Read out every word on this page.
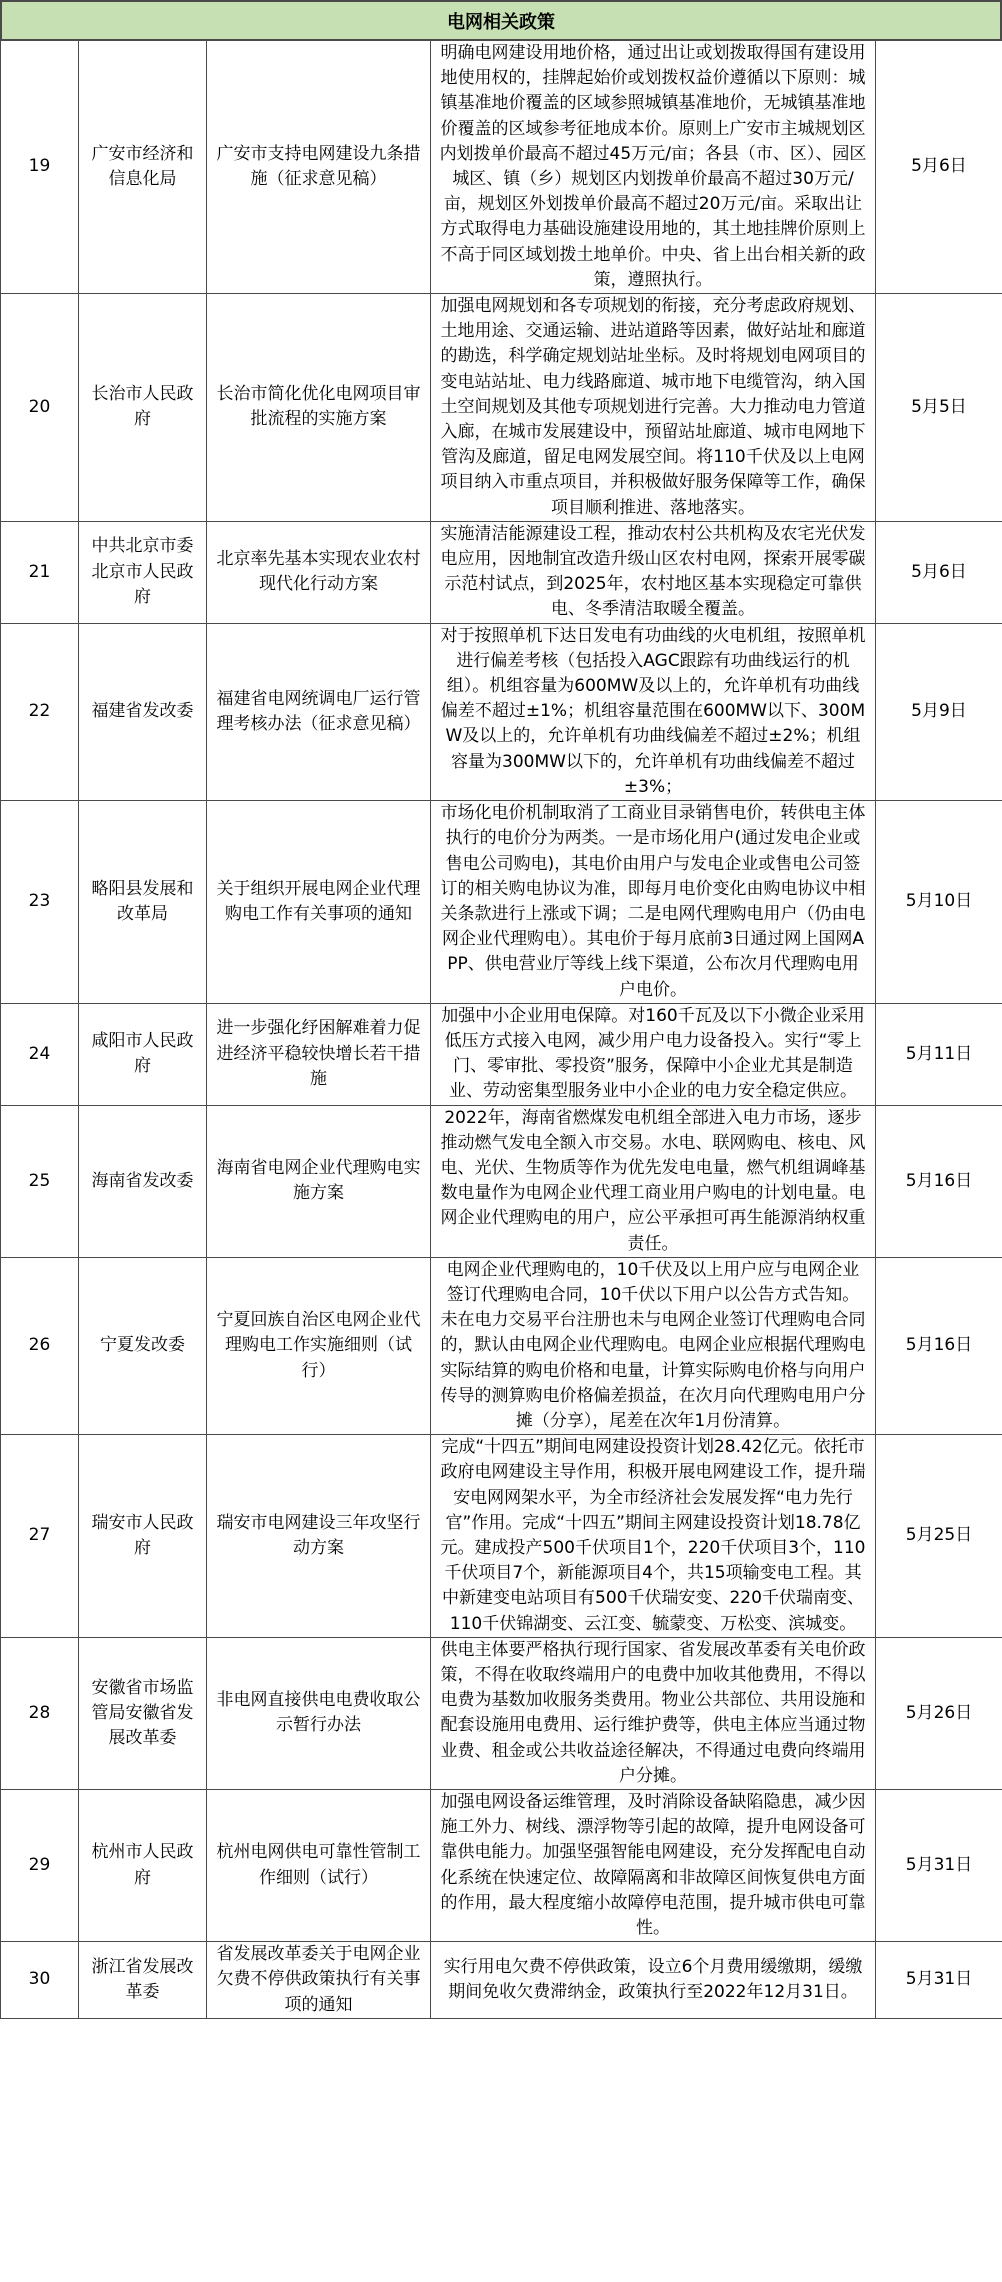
电网相关政策
19	广安市经济和信息化局	广安市支持电网建设九条措施（征求意见稿）	明确电网建设用地价格，通过出让或划拨取得国有建设用地使用权的，挂牌起始价或划拨权益价遵循以下原则：城镇基准地价覆盖的区域参照城镇基准地价，无城镇基准地价覆盖的区域参考征地成本价。原则上广安市主城规划区内划拨单价最高不超过45万元/亩；各县（市、区）、园区城区、镇（乡）规划区内划拨单价最高不超过30万元/亩，规划区外划拨单价最高不超过20万元/亩。采取出让方式取得电力基础设施建设用地的，其土地挂牌价原则上不高于同区域划拨土地单价。中央、省上出台相关新的政策，遵照执行。	5月6日
20	长治市人民政府	长治市简化优化电网项目审批流程的实施方案	加强电网规划和各专项规划的衔接，充分考虑政府规划、土地用途、交通运输、进站道路等因素，做好站址和廊道的勘选，科学确定规划站址坐标。及时将规划电网项目的变电站站址、电力线路廊道、城市地下电缆管沟，纳入国土空间规划及其他专项规划进行完善。大力推动电力管道入廊，在城市发展建设中，预留站址廊道、城市电网地下管沟及廊道，留足电网发展空间。将110千伏及以上电网项目纳入市重点项目，并积极做好服务保障等工作，确保项目顺利推进、落地落实。	5月5日
21	中共北京市委北京市人民政府	北京率先基本实现农业农村现代化行动方案	实施清洁能源建设工程，推动农村公共机构及农宅光伏发电应用，因地制宜改造升级山区农村电网，探索开展零碳示范村试点，到2025年，农村地区基本实现稳定可靠供电、冬季清洁取暖全覆盖。	5月6日
22	福建省发改委	福建省电网统调电厂运行管理考核办法（征求意见稿）	对于按照单机下达日发电有功曲线的火电机组，按照单机进行偏差考核（包括投入AGC跟踪有功曲线运行的机组）。机组容量为600MW及以上的，允许单机有功曲线偏差不超过±1%；机组容量范围在600MW以下、300MW及以上的，允许单机有功曲线偏差不超过±2%；机组容量为300MW以下的，允许单机有功曲线偏差不超过±3%；	5月9日
23	略阳县发展和改革局	关于组织开展电网企业代理购电工作有关事项的通知	市场化电价机制取消了工商业目录销售电价，转供电主体执行的电价分为两类。一是市场化用户(通过发电企业或售电公司购电)，其电价由用户与发电企业或售电公司签订的相关购电协议为准，即每月电价变化由购电协议中相关条款进行上涨或下调；二是电网代理购电用户（仍由电网企业代理购电）。其电价于每月底前3日通过网上国网APP、供电营业厅等线上线下渠道，公布次月代理购电用户电价。	5月10日
24	咸阳市人民政府	进一步强化纾困解难着力促进经济平稳较快增长若干措施	加强中小企业用电保障。对160千瓦及以下小微企业采用低压方式接入电网，减少用户电力设备投入。实行“零上门、零审批、零投资”服务，保障中小企业尤其是制造业、劳动密集型服务业中小企业的电力安全稳定供应。	5月11日
25	海南省发改委	海南省电网企业代理购电实施方案	2022年，海南省燃煤发电机组全部进入电力市场，逐步推动燃气发电全额入市交易。水电、联网购电、核电、风电、光伏、生物质等作为优先发电电量，燃气机组调峰基数电量作为电网企业代理工商业用户购电的计划电量。电网企业代理购电的用户，应公平承担可再生能源消纳权重责任。	5月16日
26	宁夏发改委	宁夏回族自治区电网企业代理购电工作实施细则（试行）	电网企业代理购电的，10千伏及以上用户应与电网企业签订代理购电合同，10千伏以下用户以公告方式告知。未在电力交易平台注册也未与电网企业签订代理购电合同的，默认由电网企业代理购电。电网企业应根据代理购电实际结算的购电价格和电量，计算实际购电价格与向用户传导的测算购电价格偏差损益，在次月向代理购电用户分摊（分享），尾差在次年1月份清算。	5月16日
27	瑞安市人民政府	瑞安市电网建设三年攻坚行动方案	完成“十四五”期间电网建设投资计划28.42亿元。依托市政府电网建设主导作用，积极开展电网建设工作，提升瑞安电网网架水平，为全市经济社会发展发挥“电力先行官”作用。完成“十四五”期间主网建设投资计划18.78亿元。建成投产500千伏项目1个，220千伏项目3个，110千伏项目7个，新能源项目4个，共15项输变电工程。其中新建变电站项目有500千伏瑞安变、220千伏瑞南变、110千伏锦湖变、云江变、毓蒙变、万松变、滨城变。	5月25日
28	安徽省市场监管局安徽省发展改革委	非电网直接供电电费收取公示暂行办法	供电主体要严格执行现行国家、省发展改革委有关电价政策，不得在收取终端用户的电费中加收其他费用，不得以电费为基数加收服务类费用。物业公共部位、共用设施和配套设施用电费用、运行维护费等，供电主体应当通过物业费、租金或公共收益途径解决，不得通过电费向终端用户分摊。	5月26日
29	杭州市人民政府	杭州电网供电可靠性管制工作细则（试行）	加强电网设备运维管理，及时消除设备缺陷隐患，减少因施工外力、树线、漂浮物等引起的故障，提升电网设备可靠供电能力。加强坚强智能电网建设，充分发挥配电自动化系统在快速定位、故障隔离和非故障区间恢复供电方面的作用，最大程度缩小故障停电范围，提升城市供电可靠性。	5月31日
30	浙江省发展改革委	省发展改革委关于电网企业欠费不停供政策执行有关事项的通知	实行用电欠费不停供政策，设立6个月费用缓缴期，缓缴期间免收欠费滞纳金，政策执行至2022年12月31日。	5月31日
